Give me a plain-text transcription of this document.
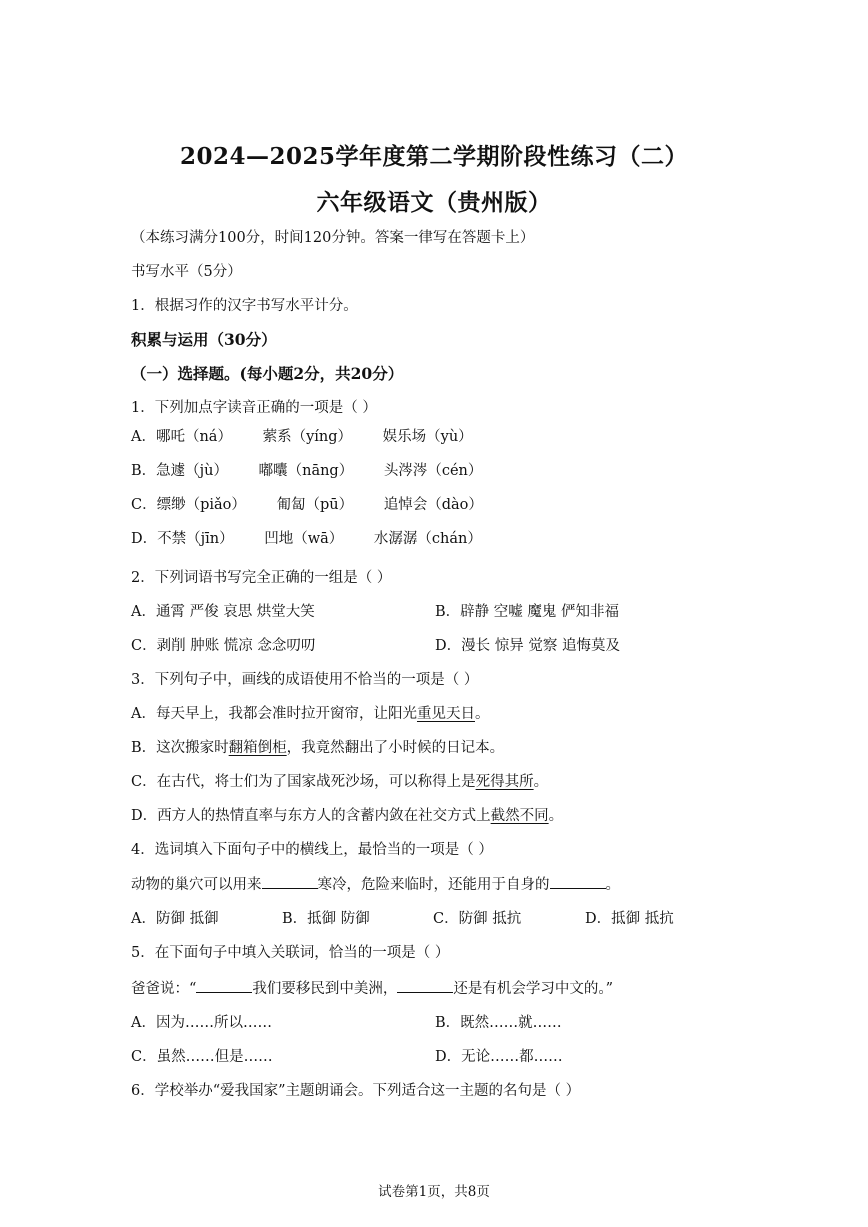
2024—2025学年度第二学期阶段性练习（二）
六年级语文（贵州版）
（本练习满分100分，时间120分钟。答案一律写在答题卡上）
书写水平（5分）
1．根据习作的汉字书写水平计分。
积累与运用（30分）
（一）选择题。(每小题2分，共20分）
1．下列加点字读音正确的一项是（ ）
A．哪吒（ná） 萦系（yíng） 娱乐场（yù）
B．急遽（jù） 嘟囔（nāng） 头涔涔（cén）
C．缥缈（piǎo） 匍匐（pū） 追悼会（dào）
D．不禁（jīn） 凹地（wā） 水潺潺（chán）
2．下列词语书写完全正确的一组是（ ）
A．通霄 严俊 哀思 烘堂大笑	B．辟静 空嘘 魔鬼 俨知非福
C．剥削 肿账 慌凉 念念叨叨	D．漫长 惊异 觉察 追悔莫及
3．下列句子中，画线的成语使用不恰当的一项是（ ）
A．每天早上，我都会准时拉开窗帘，让阳光重见天日。
B．这次搬家时翻箱倒柜，我竟然翻出了小时候的日记本。
C．在古代，将士们为了国家战死沙场，可以称得上是死得其所。
D．西方人的热情直率与东方人的含蓄内敛在社交方式上截然不同。
4．选词填入下面句子中的横线上，最恰当的一项是（ ）
动物的巢穴可以用来	寒冷，危险来临时，还能用于自身的	。
A．防御 抵御	B．抵御 防御	C．防御 抵抗	D．抵御 抵抗
5．在下面句子中填入关联词，恰当的一项是（ ）
爸爸说：“	我们要移民到中美洲，	还是有机会学习中文的。”
A．因为……所以……	B．既然……就……
C．虽然……但是……	D．无论……都……
6．学校举办“爱我国家”主题朗诵会。下列适合这一主题的名句是（ ）
试卷第1页，共8页
